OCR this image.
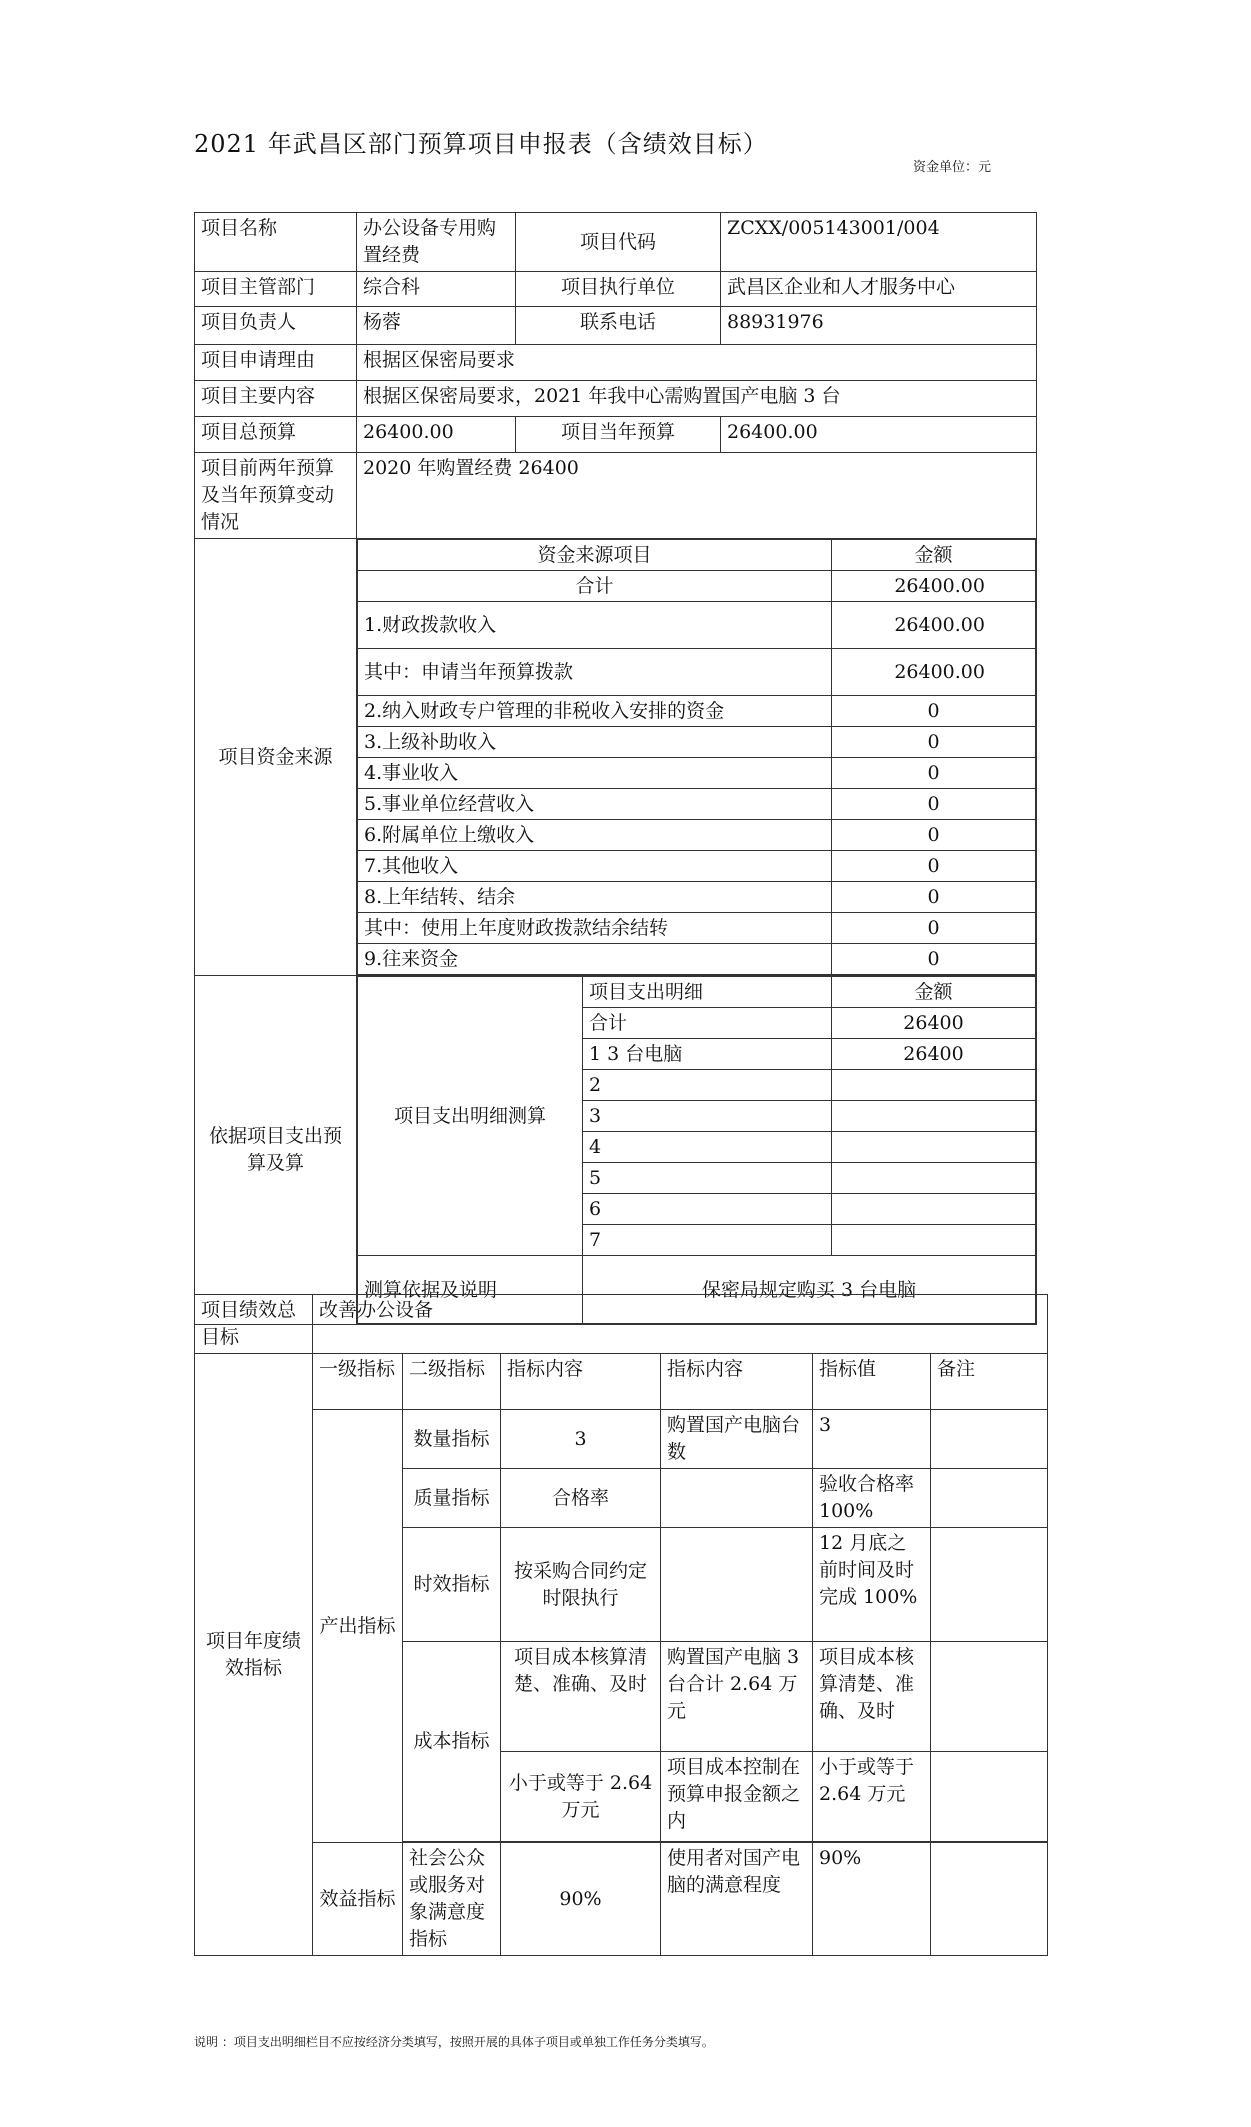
2021 年武昌区部门预算项目申报表（含绩效目标）
资金单位：元
项目名称	办公设备专用购置经费	项目代码	ZCXX/005143001/004
项目主管部门	综合科	项目执行单位	武昌区企业和人才服务中心
项目负责人	杨蓉	联系电话	88931976
项目申请理由	根据区保密局要求
项目主要内容	根据区保密局要求，2021 年我中心需购置国产电脑 3 台
项目总预算	26400.00	项目当年预算	26400.00
项目前两年预算及当年预算变动情况	2020 年购置经费 26400
项目资金来源	
资金来源项目	金额
合计	26400.00
1.财政拨款收入	26400.00
其中：申请当年预算拨款	26400.00
2.纳入财政专户管理的非税收入安排的资金	0
3.上级补助收入	0
4.事业收入	0
5.事业单位经营收入	0
6.附属单位上缴收入	0
7.其他收入	0
8.上年结转、结余	0
其中：使用上年度财政拨款结余结转	0
9.往来资金	0

依据项目支出预算及算	
项目支出明细测算	项目支出明细	金额
合计	26400
1 3 台电脑	26400
2	
3	
4	
5	
6	
7	
测算依据及说明	保密局规定购买 3 台电脑
项目绩效总目标	改善办公设备					
项目年度绩效指标	一级指标	二级指标	指标内容	指标内容	指标值	备注
	产出指标	数量指标	3	购置国产电脑台数	3	
		质量指标	合格率		验收合格率 100%	
		时效指标	按采购合同约定时限执行		12 月底之前时间及时完成 100%	
		成本指标	项目成本核算清楚、准确、及时	购置国产电脑 3 台合计 2.64 万元	项目成本核算清楚、准确、及时	
			小于或等于 2.64 万元	项目成本控制在预算申报金额之内	小于或等于 2.64 万元	

	效益指标	社会公众或服务对象满意度指标	90%	使用者对国产电脑的满意程度	90%	
说明 ：项目支出明细栏目不应按经济分类填写，按照开展的具体子项目或单独工作任务分类填写。
